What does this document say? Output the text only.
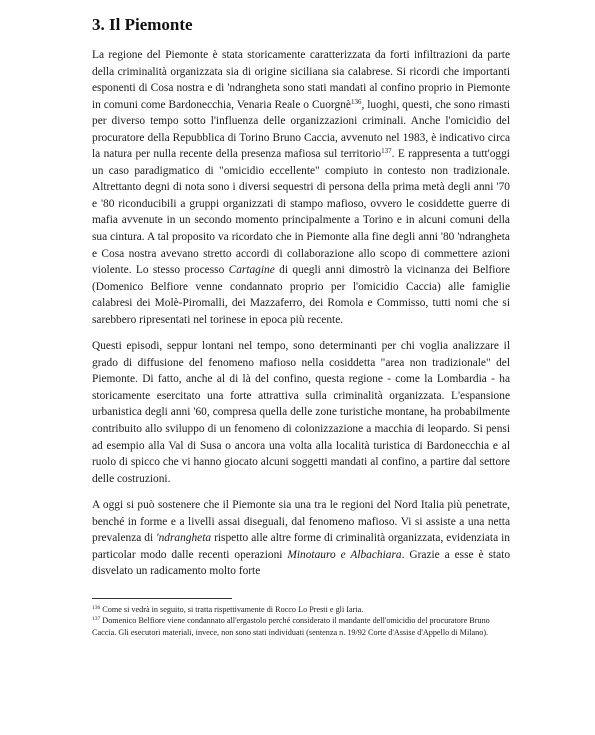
3. Il Piemonte

La regione del Piemonte è stata storicamente caratterizzata da forti infiltrazioni da parte della criminalità organizzata sia di origine siciliana sia calabrese. Si ricordi che importanti esponenti di Cosa nostra e di 'ndrangheta sono stati mandati al confino proprio in Piemonte in comuni come Bardonecchia, Venaria Reale o Cuorgnè$^{136}$, luoghi, questi, che sono rimasti per diverso tempo sotto l'influenza delle organizzazioni criminali. Anche l'omicidio del procuratore della Repubblica di Torino Bruno Caccia, avvenuto nel 1983, è indicativo circa la natura per nulla recente della presenza mafiosa sul territorio$^{137}$. E rappresenta a tutt'oggi un caso paradigmatico di "omicidio eccellente" compiuto in contesto non tradizionale. Altrettanto degni di nota sono i diversi sequestri di persona della prima metà degli anni '70 e '80 riconducibili a gruppi organizzati di stampo mafioso, ovvero le cosiddette guerre di mafia avvenute in un secondo momento principalmente a Torino e in alcuni comuni della sua cintura. A tal proposito va ricordato che in Piemonte alla fine degli anni '80 'ndrangheta e Cosa nostra avevano stretto accordi di collaborazione allo scopo di commettere azioni violente. Lo stesso processo Cartagine di quegli anni dimostrò la vicinanza dei Belfiore (Domenico Belfiore venne condannato proprio per l'omicidio Caccia) alle famiglie calabresi dei Molè-Piromalli, dei Mazzaferro, dei Romola e Commisso, tutti nomi che si sarebbero ripresentati nel torinese in epoca più recente.

Questi episodi, seppur lontani nel tempo, sono determinanti per chi voglia analizzare il grado di diffusione del fenomeno mafioso nella cosiddetta "area non tradizionale" del Piemonte. Di fatto, anche al di là del confino, questa regione - come la Lombardia - ha storicamente esercitato una forte attrattiva sulla criminalità organizzata. L'espansione urbanistica degli anni '60, compresa quella delle zone turistiche montane, ha probabilmente contribuito allo sviluppo di un fenomeno di colonizzazione a macchia di leopardo. Si pensi ad esempio alla Val di Susa o ancora una volta alla località turistica di Bardonecchia e al ruolo di spicco che vi hanno giocato alcuni soggetti mandati al confino, a partire dal settore delle costruzioni.

A oggi si può sostenere che il Piemonte sia una tra le regioni del Nord Italia più penetrate, benché in forme e a livelli assai diseguali, dal fenomeno mafioso. Vi si assiste a una netta prevalenza di 'ndrangheta rispetto alle altre forme di criminalità organizzata, evidenziata in particolar modo dalle recenti operazioni Minotauro e Albachiara. Grazie a esse è stato disvelato un radicamento molto forte

$^{136}$ Come si vedrà in seguito, si tratta rispettivamente di Rocco Lo Presti e gli Iaria.

$^{137}$ Domenico Belfiore viene condannato all'ergastolo perché considerato il mandante dell'omicidio del procuratore Bruno Caccia. Gli esecutori materiali, invece, non sono stati individuati (sentenza n. 19/92 Corte d'Assise d'Appello di Milano).
